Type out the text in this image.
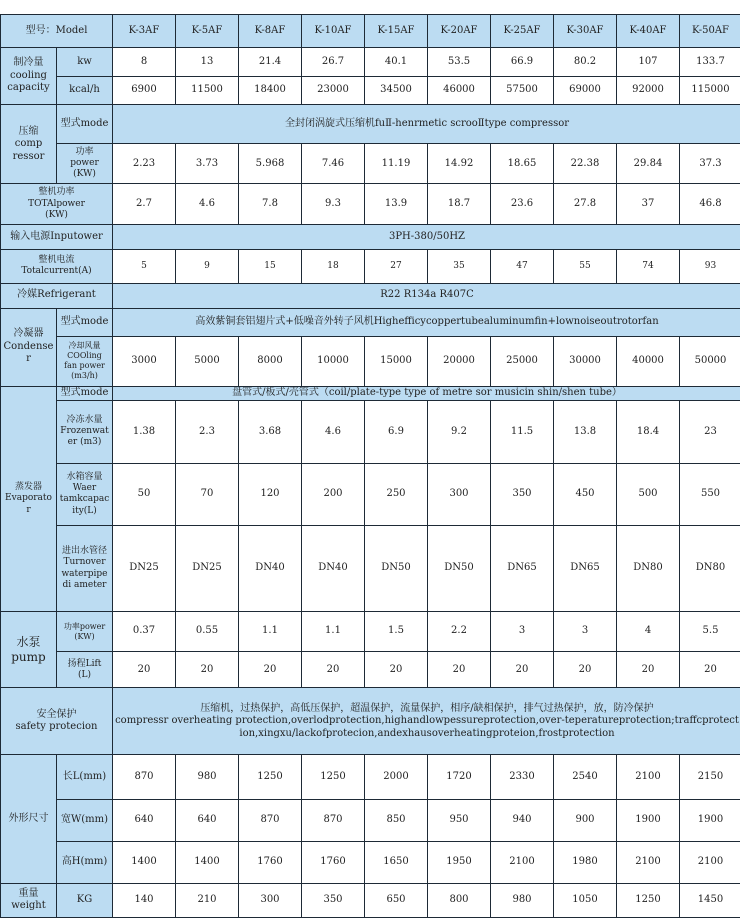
型号：Model		K-3AF	K-5AF	K-8AF	K-10AF	K-15AF	K-20AF	K-25AF	K-30AF	K-40AF	K-50AF
制冷量
cooling
capacity	kw	8	13	21.4	26.7	40.1	53.5	66.9	80.2	107	133.7
	kcal/h	6900	11500	18400	23000	34500	46000	57500	69000	92000	115000
压缩
comp
ressor	型式mode	全封闭涡旋式压缩机fuⅡ-henrmetic scrooⅡtype compressor									
	功率
power
(KW)	2.23	3.73	5.968	7.46	11.19	14.92	18.65	22.38	29.84	37.3
整机功率
TOTAlpower
(KW)		2.7	4.6	7.8	9.3	13.9	18.7	23.6	27.8	37	46.8
输入电源Inputower		3PH-380/50HZ									
整机电流
Totalcurrent(A)		5	9	15	18	27	35	47	55	74	93
冷媒Refrigerant		R22 R134a R407C									
冷凝器
Condense
r	型式mode	高效紫铜套铝翅片式+低噪音外转子风机Highefficycoppertubealuminumfin+lownoiseoutrotorfan									
	冷却风量
COOling
fan power
(m3/h)	3000	5000	8000	10000	15000	20000	25000	30000	40000	50000
蒸发器
Evaporato
r	型式mode	盘管式/板式/壳管式（coil/plate-type type of metre sor musicin shin/shen tube）									
	冷冻水量
Frozenwat
er (m3)	1.38	2.3	3.68	4.6	6.9	9.2	11.5	13.8	18.4	23
	水箱容量
Waer
tamkcapac
ity(L)	50	70	120	200	250	300	350	450	500	550
	进出水管径
Turnover
waterpipe
di ameter	DN25	DN25	DN40	DN40	DN50	DN50	DN65	DN65	DN80	DN80
水泵
pump	功率power
(KW)	0.37	0.55	1.1	1.1	1.5	2.2	3	3	4	5.5
	扬程Lift
(L)	20	20	20	20	20	20	20	20	20	20
安全保护
safety protecion		压缩机，过热保护，高低压保护，超温保护，流量保护，相序/缺相保护，排气过热保护，放，防冷保护
compressr overheating protection,overlodprotection,highandlowpessureprotection,over-teperatureprotection;traffcprotection,xingxu/lackofprotecion,andexhausoverheatingproteion,frostprotection									
外形尺寸	长L(mm)	870	980	1250	1250	2000	1720	2330	2540	2100	2150
	宽W(mm)	640	640	870	870	850	950	940	900	1900	1900
	高H(mm)	1400	1400	1760	1760	1650	1950	2100	1980	2100	2100
重量
weight	KG	140	210	300	350	650	800	980	1050	1250	1450
